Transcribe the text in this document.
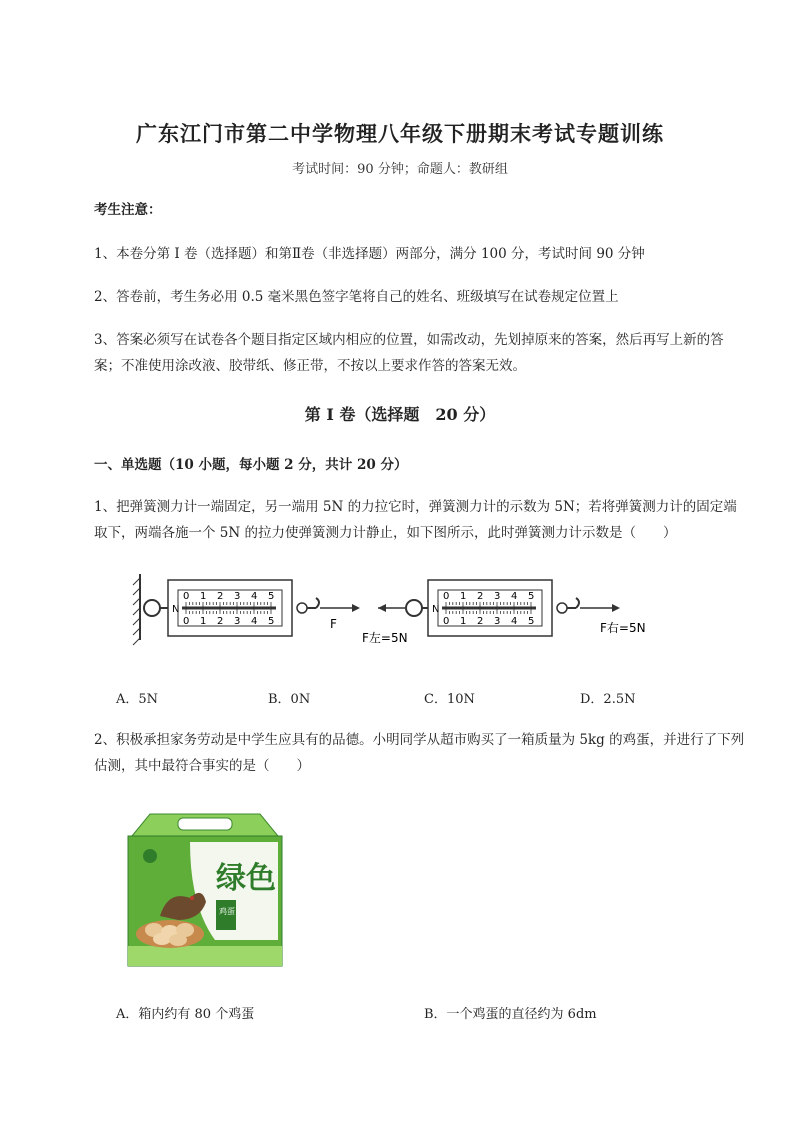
广东江门市第二中学物理八年级下册期末考试专题训练
考试时间：90 分钟；命题人：教研组
考生注意：
1、本卷分第 I 卷（选择题）和第Ⅱ卷（非选择题）两部分，满分 100 分，考试时间 90 分钟
2、答卷前，考生务必用 0.5 毫米黑色签字笔将自己的姓名、班级填写在试卷规定位置上
3、答案必须写在试卷各个题目指定区域内相应的位置，如需改动，先划掉原来的答案，然后再写上新的答案；不准使用涂改液、胶带纸、修正带，不按以上要求作答的答案无效。
第 I 卷（选择题　20 分）
一、单选题（10 小题，每小题 2 分，共计 20 分）
1、把弹簧测力计一端固定，另一端用 5N 的力拉它时，弹簧测力计的示数为 5N；若将弹簧测力计的固定端取下，两端各施一个 5N 的拉力使弹簧测力计静止，如下图所示，此时弹簧测力计示数是（　　）
N
0 1 2 3 4 5
0 1 2 3 4 5	F
N
0 1 2 3 4 5
0 1 2 3 4 5
F左=5N
F右=5N
A．5N	B．0N	C．10N	D．2.5N
2、积极承担家务劳动是中学生应具有的品德。小明同学从超市购买了一箱质量为 5kg 的鸡蛋，并进行了下列估测，其中最符合事实的是（　　）
绿色
鸡蛋
A．箱内约有 80 个鸡蛋	B．一个鸡蛋的直径约为 6dm
